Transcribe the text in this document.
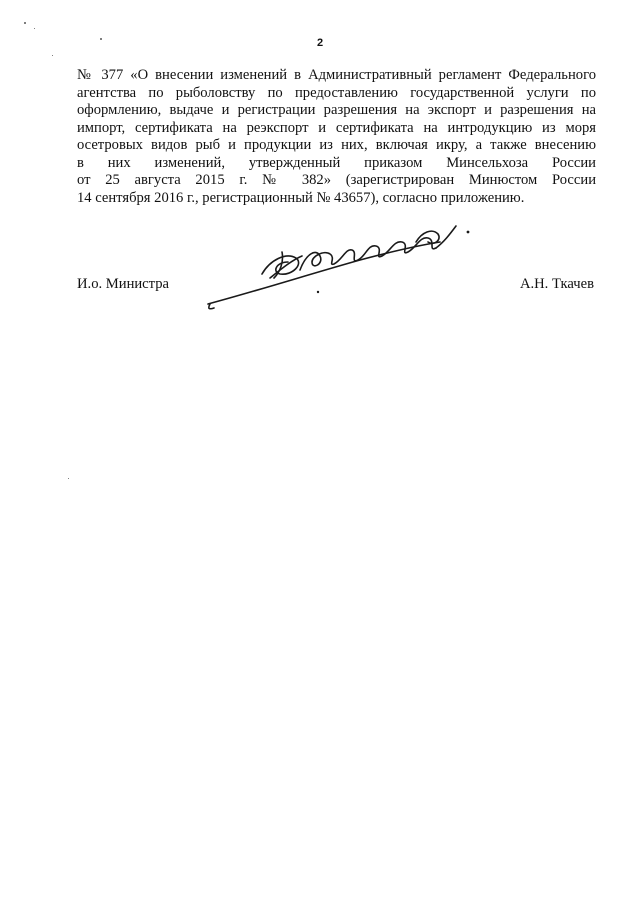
2
№ 377 «О внесении изменений в Административный регламент Федерального
агентства по рыболовству по предоставлению государственной услуги по
оформлению, выдаче и регистрации разрешения на экспорт и разрешения на
импорт, сертификата на реэкспорт и сертификата на интродукцию из моря
осетровых видов рыб и продукции из них, включая икру, а также внесению
в них изменений, утвержденный приказом Минсельхоза России
от 25 августа 2015 г. № 382» (зарегистрирован Минюстом России
14 сентября 2016 г., регистрационный № 43657), согласно приложению.
И.о. Министра	А.Н. Ткачев
